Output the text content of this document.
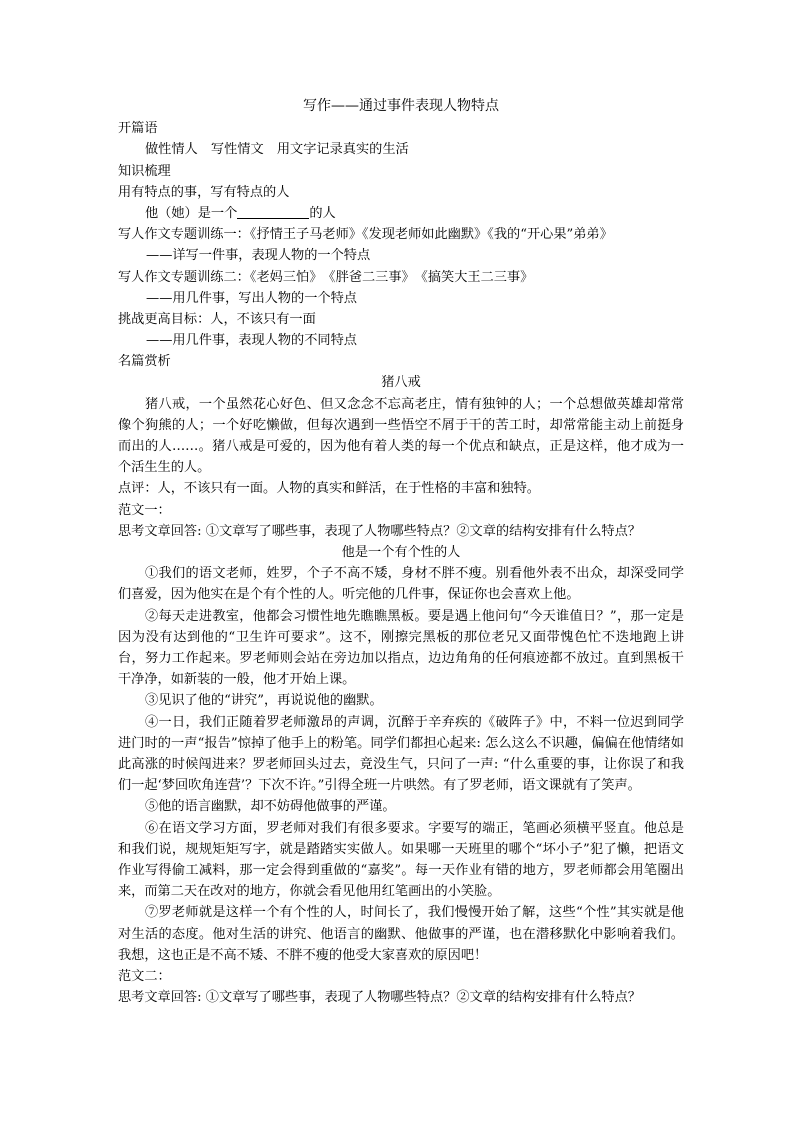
写作——通过事件表现人物特点
开篇语
做性情人　写性情文　用文字记录真实的生活
知识梳理
用有特点的事，写有特点的人
他（她）是一个	的人
写人作文专题训练一：《抒情王子马老师》《发现老师如此幽默》《我的“开心果”弟弟》
——详写一件事，表现人物的一个特点
写人作文专题训练二：《老妈三怕》　《胖爸二三事》　《搞笑大王二三事》
——用几件事，写出人物的一个特点
挑战更高目标：人，不该只有一面
——用几件事，表现人物的不同特点
名篇赏析
猪八戒

猪八戒，一个虽然花心好色、但又念念不忘高老庄，情有独钟的人；一个总想做英雄却常常像个狗熊的人；一个好吃懒做，但每次遇到一些悟空不屑于干的苦工时，却常常能主动上前挺身而出的人……。猪八戒是可爱的，因为他有着人类的每一个优点和缺点，正是这样，他才成为一个活生生的人。

点评：人，不该只有一面。人物的真实和鲜活，在于性格的丰富和独特。
范文一：
思考文章回答: ①文章写了哪些事，表现了人物哪些特点？②文章的结构安排有什么特点？
他是一个有个性的人

①我们的语文老师，姓罗，个子不高不矮，身材不胖不瘦。别看他外表不出众，却深受同学们喜爱，因为他实在是个有个性的人。听完他的几件事，保证你也会喜欢上他。

②每天走进教室，他都会习惯性地先瞧瞧黑板。要是遇上他问句“今天谁值日？”，那一定是因为没有达到他的“卫生许可要求”。这不，刚擦完黑板的那位老兄又面带愧色忙不迭地跑上讲台，努力工作起来。罗老师则会站在旁边加以指点，边边角角的任何痕迹都不放过。直到黑板干干净净，如新装的一般，他才开始上课。

③见识了他的“讲究”，再说说他的幽默。

④一日，我们正随着罗老师激昂的声调，沉醉于辛弃疾的《破阵子》中，不料一位迟到同学进门时的一声“报告”惊掉了他手上的粉笔。同学们都担心起来: 怎么这么不识趣，偏偏在他情绪如此高涨的时候闯进来？罗老师回头过去，竟没生气，只问了一声: “什么重要的事，让你误了和我们一起‘梦回吹角连营’？下次不许。”引得全班一片哄然。有了罗老师，语文课就有了笑声。

⑤他的语言幽默，却不妨碍他做事的严谨。

⑥在语文学习方面，罗老师对我们有很多要求。字要写的端正，笔画必须横平竖直。他总是和我们说，规规矩矩写字，就是踏踏实实做人。如果哪一天班里的哪个“坏小子”犯了懒，把语文作业写得偷工减料，那一定会得到重做的“嘉奖”。每一天作业有错的地方，罗老师都会用笔圈出来，而第二天在改对的地方，你就会看见他用红笔画出的小笑脸。

⑦罗老师就是这样一个有个性的人，时间长了，我们慢慢开始了解，这些“个性”其实就是他对生活的态度。他对生活的讲究、他语言的幽默、他做事的严谨，也在潜移默化中影响着我们。我想，这也正是不高不矮、不胖不瘦的他受大家喜欢的原因吧！

范文二：
思考文章回答: ①文章写了哪些事，表现了人物哪些特点？②文章的结构安排有什么特点？
